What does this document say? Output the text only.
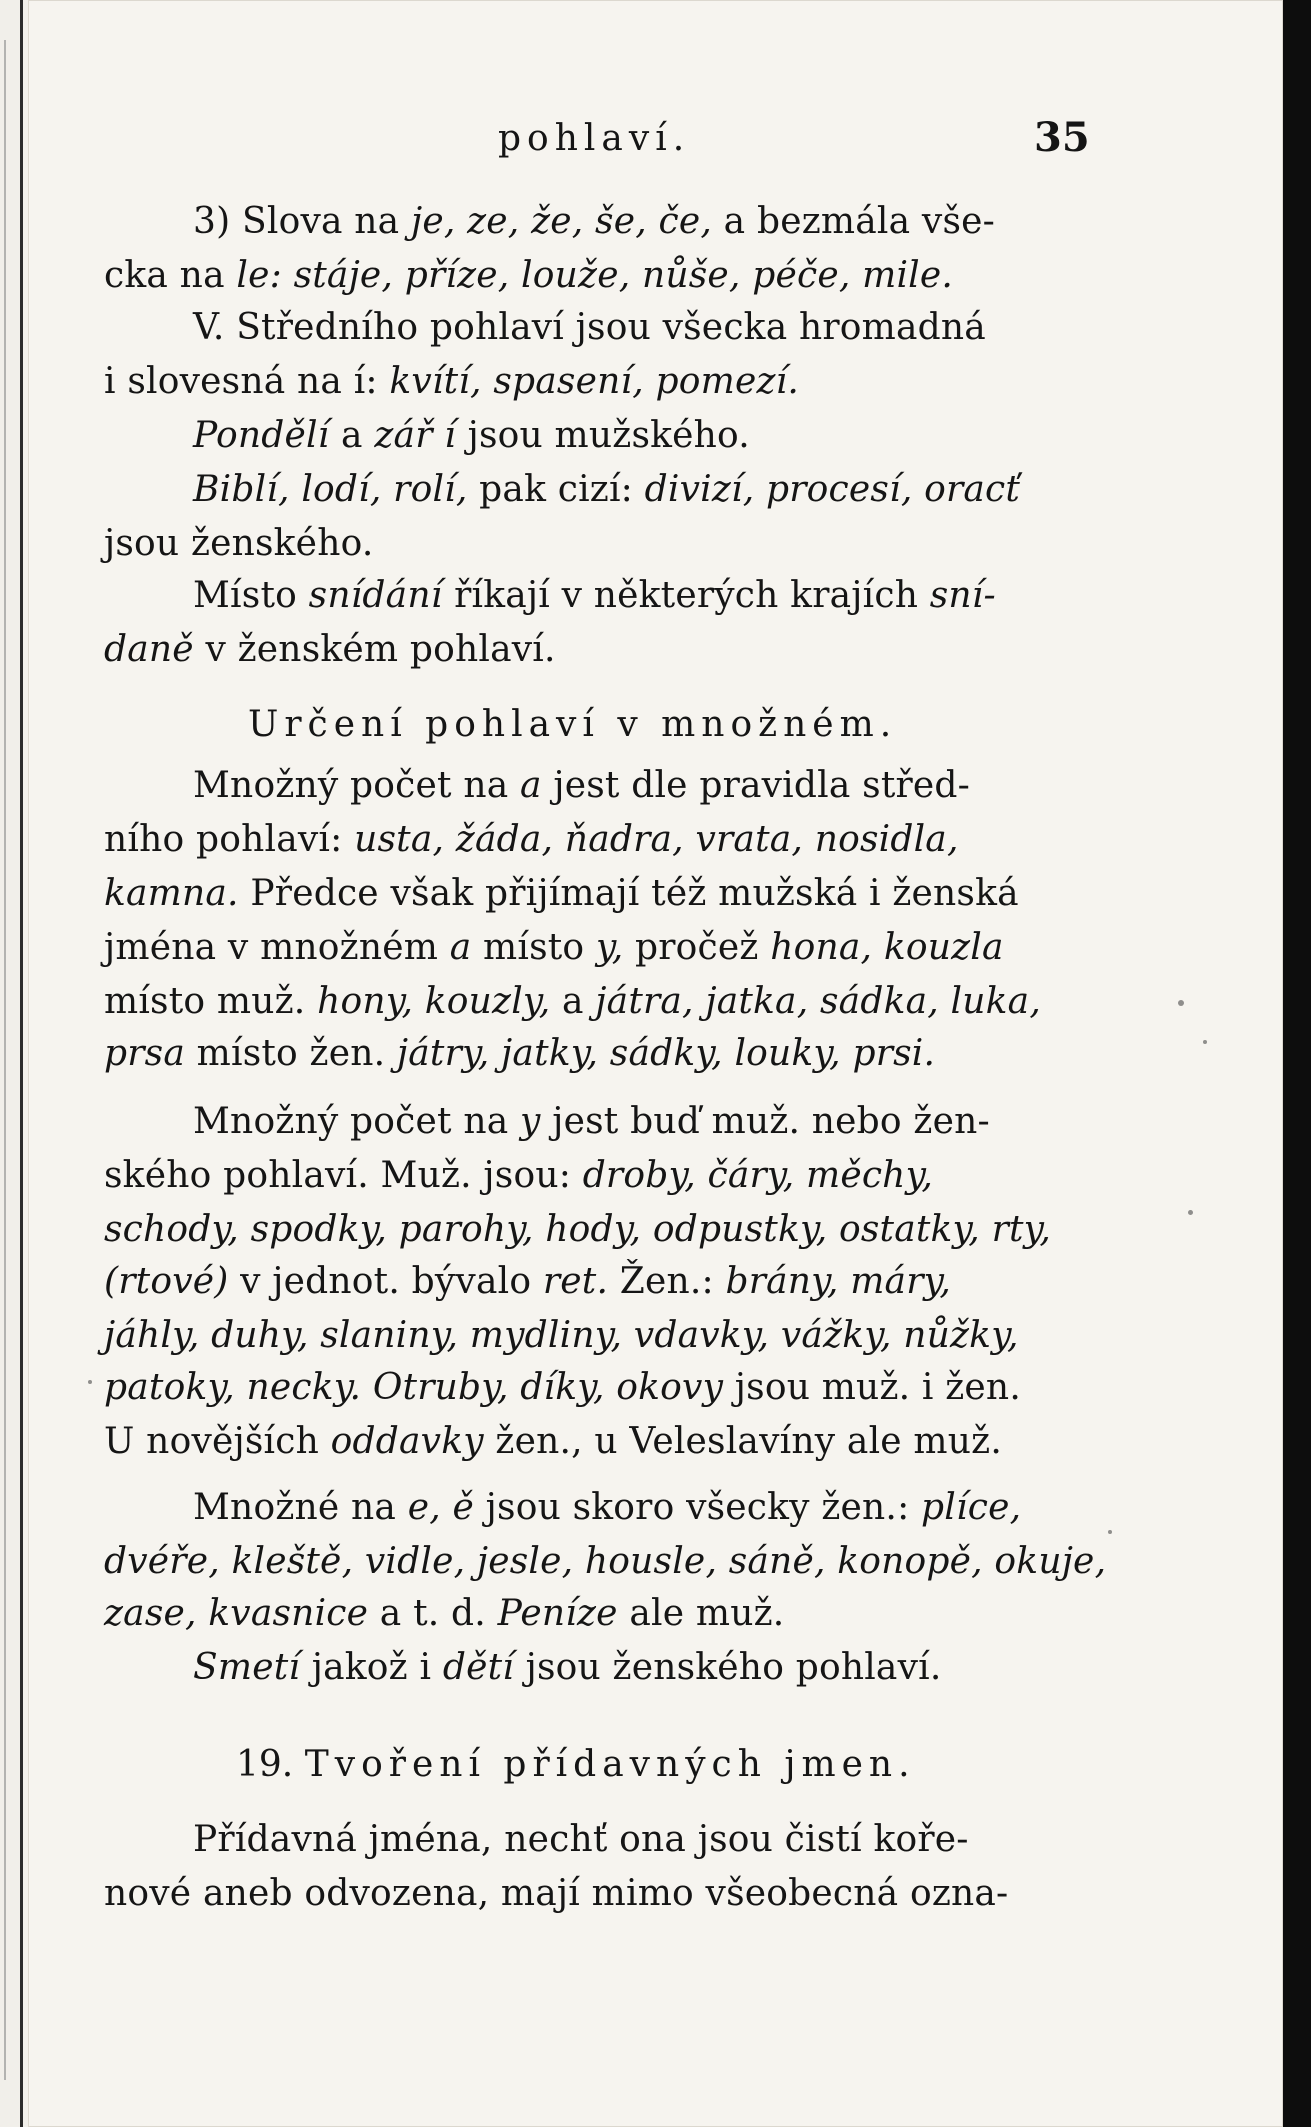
pohlaví.	35
3) Slova na je, ze, že, še, če, a bezmála vše-
cka na le: stáje, příze, louže, nůše, péče, mile.
V. Středního pohlaví jsou všecka hromadná
i slovesná na í: kvítí, spasení, pomezí.
Pondělí a zář í jsou mužského.
Biblí, lodí, rolí, pak cizí: divizí, procesí, oracť
jsou ženského.
Místo snídání říkají v některých krajích sní-
daně v ženském pohlaví.
Určení pohlaví v množném.
Množný počet na a jest dle pravidla střed-
ního pohlaví: usta, žáda, ňadra, vrata, nosidla,
kamna. Předce však přijímají též mužská i ženská
jména v množném a místo y, pročež hona, kouzla
místo muž. hony, kouzly, a játra, jatka, sádka, luka,
prsa místo žen. játry, jatky, sádky, louky, prsi.
Množný počet na y jest buď muž. nebo žen-
ského pohlaví. Muž. jsou: droby, čáry, měchy,
schody, spodky, parohy, hody, odpustky, ostatky, rty,
(rtové) v jednot. bývalo ret. Žen.: brány, máry,
jáhly, duhy, slaniny, mydliny, vdavky, vážky, nůžky,
patoky, necky. Otruby, díky, okovy jsou muž. i žen.
U novějších oddavky žen., u Veleslavíny ale muž.
Množné na e, ě jsou skoro všecky žen.: plíce,
dvéře, kleště, vidle, jesle, housle, sáně, konopě, okuje,
zase, kvasnice a t. d. Peníze ale muž.
Smetí jakož i dětí jsou ženského pohlaví.
19. Tvoření přídavných jmen.
Přídavná jména, nechť ona jsou čistí koře-
nové aneb odvozena, mají mimo všeobecná ozna-
